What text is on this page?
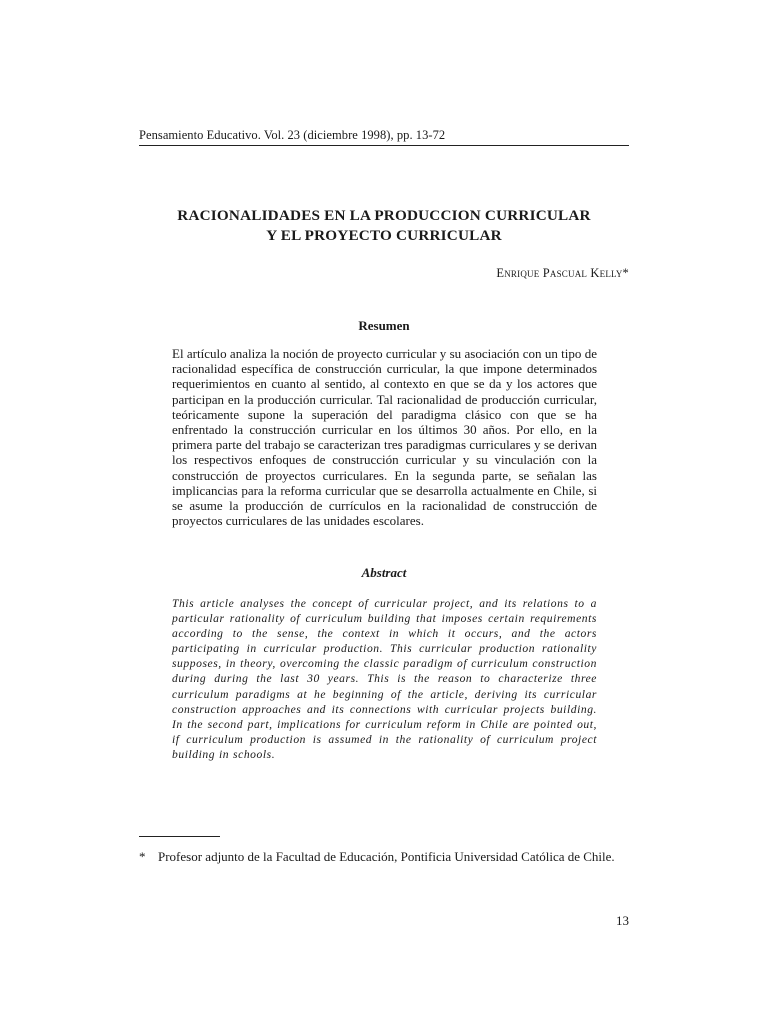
Pensamiento Educativo. Vol. 23 (diciembre 1998), pp. 13-72
RACIONALIDADES EN LA PRODUCCION CURRICULAR
Y EL PROYECTO CURRICULAR
Enrique Pascual Kelly*
Resumen
El artículo analiza la noción de proyecto curricular y su asociación con un tipo de racionalidad específica de construcción curricular, la que impone determinados requerimientos en cuanto al sentido, al contexto en que se da y los actores que participan en la producción curricular. Tal racionalidad de producción curricular, teóricamente supone la superación del paradigma clásico con que se ha enfrentado la construcción curricular en los últimos 30 años. Por ello, en la primera parte del trabajo se caracterizan tres paradigmas curriculares y se derivan los respectivos enfoques de construcción curricular y su vinculación con la construcción de proyectos curriculares. En la segunda parte, se señalan las implicancias para la reforma curricular que se desarrolla actualmente en Chile, si se asume la producción de currículos en la racionalidad de construcción de proyectos curriculares de las unidades escolares.
Abstract
This article analyses the concept of curricular project, and its relations to a particular rationality of curriculum building that imposes certain requirements according to the sense, the context in which it occurs, and the actors participating in curricular production. This curricular production rationality supposes, in theory, overcoming the classic paradigm of curriculum construction during during the last 30 years. This is the reason to characterize three curriculum paradigms at he beginning of the article, deriving its curricular construction approaches and its connections with curricular projects building. In the second part, implications for curriculum reform in Chile are pointed out, if curriculum production is assumed in the rationality of curriculum project building in schools.
* Profesor adjunto de la Facultad de Educación, Pontificia Universidad Católica de Chile.
13
